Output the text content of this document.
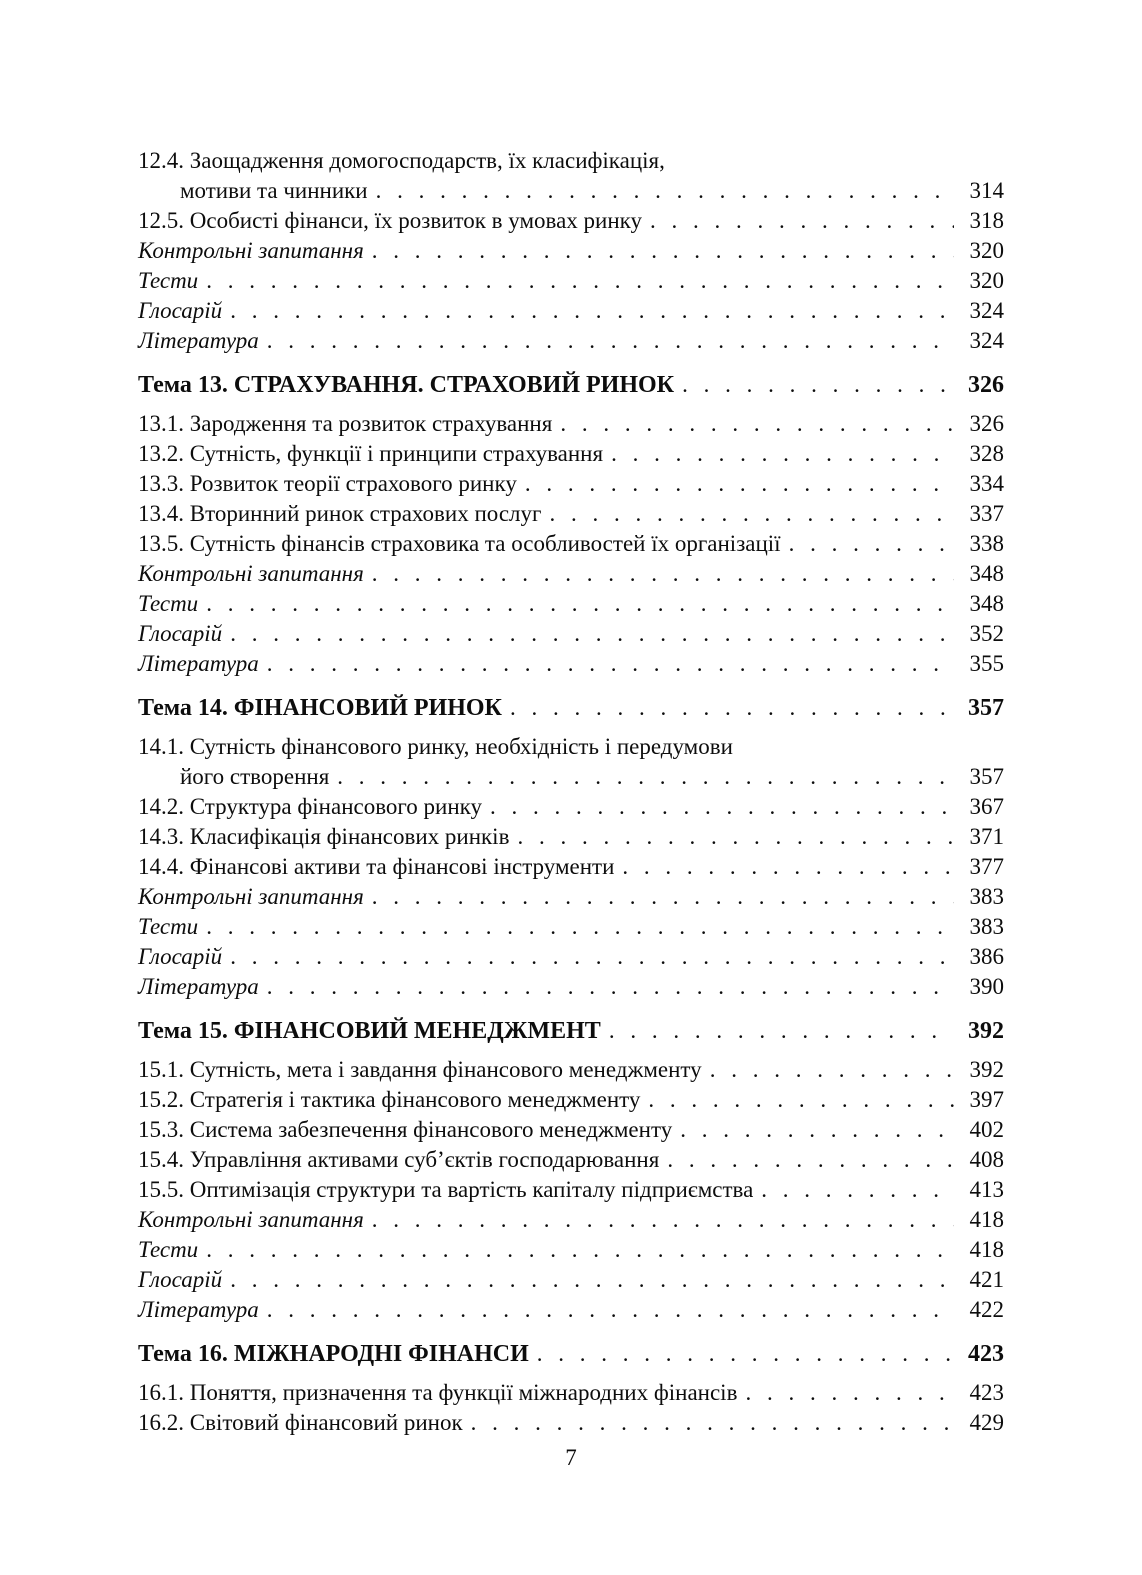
12.4. Заощадження домогосподарств, їх класифікація,
мотиви та чинники . . .	314
12.5. Особисті фінанси, їх розвиток в умовах ринку . . .	318
Контрольні запитання . . .	320
Тести . . .	320
Глосарій . . .	324
Література . . .	324
Тема 13. СТРАХУВАННЯ. СТРАХОВИЙ РИНОК . . .	326
13.1. Зародження та розвиток страхування . . .	326
13.2. Сутність, функції і принципи страхування . . .	328
13.3. Розвиток теорії страхового ринку . . .	334
13.4. Вторинний ринок страхових послуг . . .	337
13.5. Сутність фінансів страховика та особливостей їх організації . . .	338
Контрольні запитання . . .	348
Тести . . .	348
Глосарій . . .	352
Література . . .	355
Тема 14. ФІНАНСОВИЙ РИНОК . . .	357
14.1. Сутність фінансового ринку, необхідність і передумови
його створення . . .	357
14.2. Структура фінансового ринку . . .	367
14.3. Класифікація фінансових ринків . . .	371
14.4. Фінансові активи та фінансові інструменти . . .	377
Контрольні запитання . . .	383
Тести . . .	383
Глосарій . . .	386
Література . . .	390
Тема 15. ФІНАНСОВИЙ МЕНЕДЖМЕНТ . . .	392
15.1. Сутність, мета і завдання фінансового менеджменту . . .	392
15.2. Стратегія і тактика фінансового менеджменту . . .	397
15.3. Система забезпечення фінансового менеджменту . . .	402
15.4. Управління активами суб’єктів господарювання . . .	408
15.5. Оптимізація структури та вартість капіталу підприємства . . .	413
Контрольні запитання . . .	418
Тести . . .	418
Глосарій . . .	421
Література . . .	422
Тема 16. МІЖНАРОДНІ ФІНАНСИ . . .	423
16.1. Поняття, призначення та функції міжнародних фінансів . . .	423
16.2. Світовий фінансовий ринок . . .	429
7
